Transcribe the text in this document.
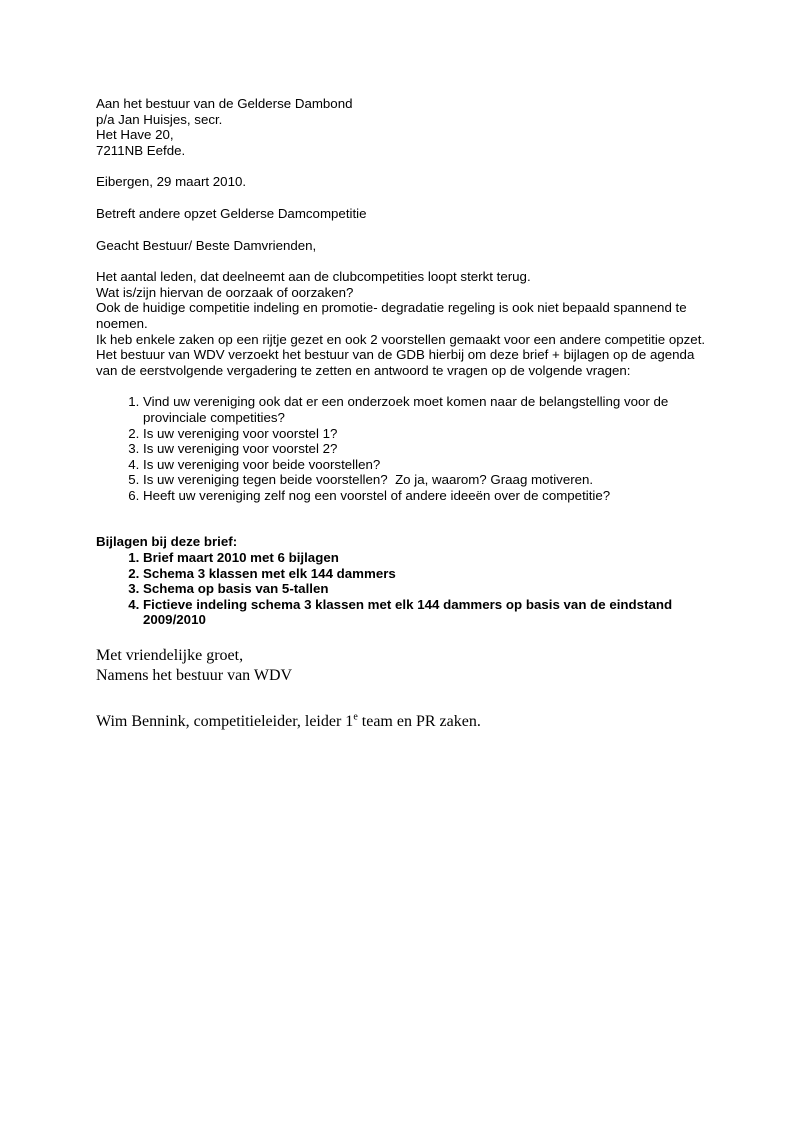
Aan het bestuur van de Gelderse Dambond
p/a Jan Huisjes, secr.
Het Have 20,
7211NB Eefde.
Eibergen, 29 maart 2010.
Betreft andere opzet Gelderse Damcompetitie
Geacht Bestuur/ Beste Damvrienden,
Het aantal leden, dat deelneemt aan de clubcompetities loopt sterkt terug.
Wat is/zijn hiervan de oorzaak of oorzaken?
Ook de huidige competitie indeling en promotie- degradatie regeling is ook niet bepaald spannend te noemen.
Ik heb enkele zaken op een rijtje gezet en ook 2 voorstellen gemaakt voor een andere competitie opzet.
Het bestuur van WDV verzoekt het bestuur van de GDB hierbij om deze brief + bijlagen op de agenda van de eerstvolgende vergadering te zetten en antwoord te vragen op de volgende vragen:
1. Vind uw vereniging ook dat er een onderzoek moet komen naar de belangstelling voor de provinciale competities?
2. Is uw vereniging voor voorstel 1?
3. Is uw vereniging voor voorstel 2?
4. Is uw vereniging voor beide voorstellen?
5. Is uw vereniging tegen beide voorstellen?  Zo ja, waarom? Graag motiveren.
6. Heeft uw vereniging zelf nog een voorstel of andere ideeën over de competitie?
Bijlagen bij deze brief:
1. Brief maart 2010 met 6 bijlagen
2. Schema 3 klassen met elk 144 dammers
3. Schema op basis van 5-tallen
4. Fictieve indeling schema 3 klassen met elk 144 dammers op basis van de eindstand 2009/2010
Met vriendelijke groet,
Namens het bestuur van WDV
Wim Bennink, competitieleider, leider 1e team en PR zaken.
